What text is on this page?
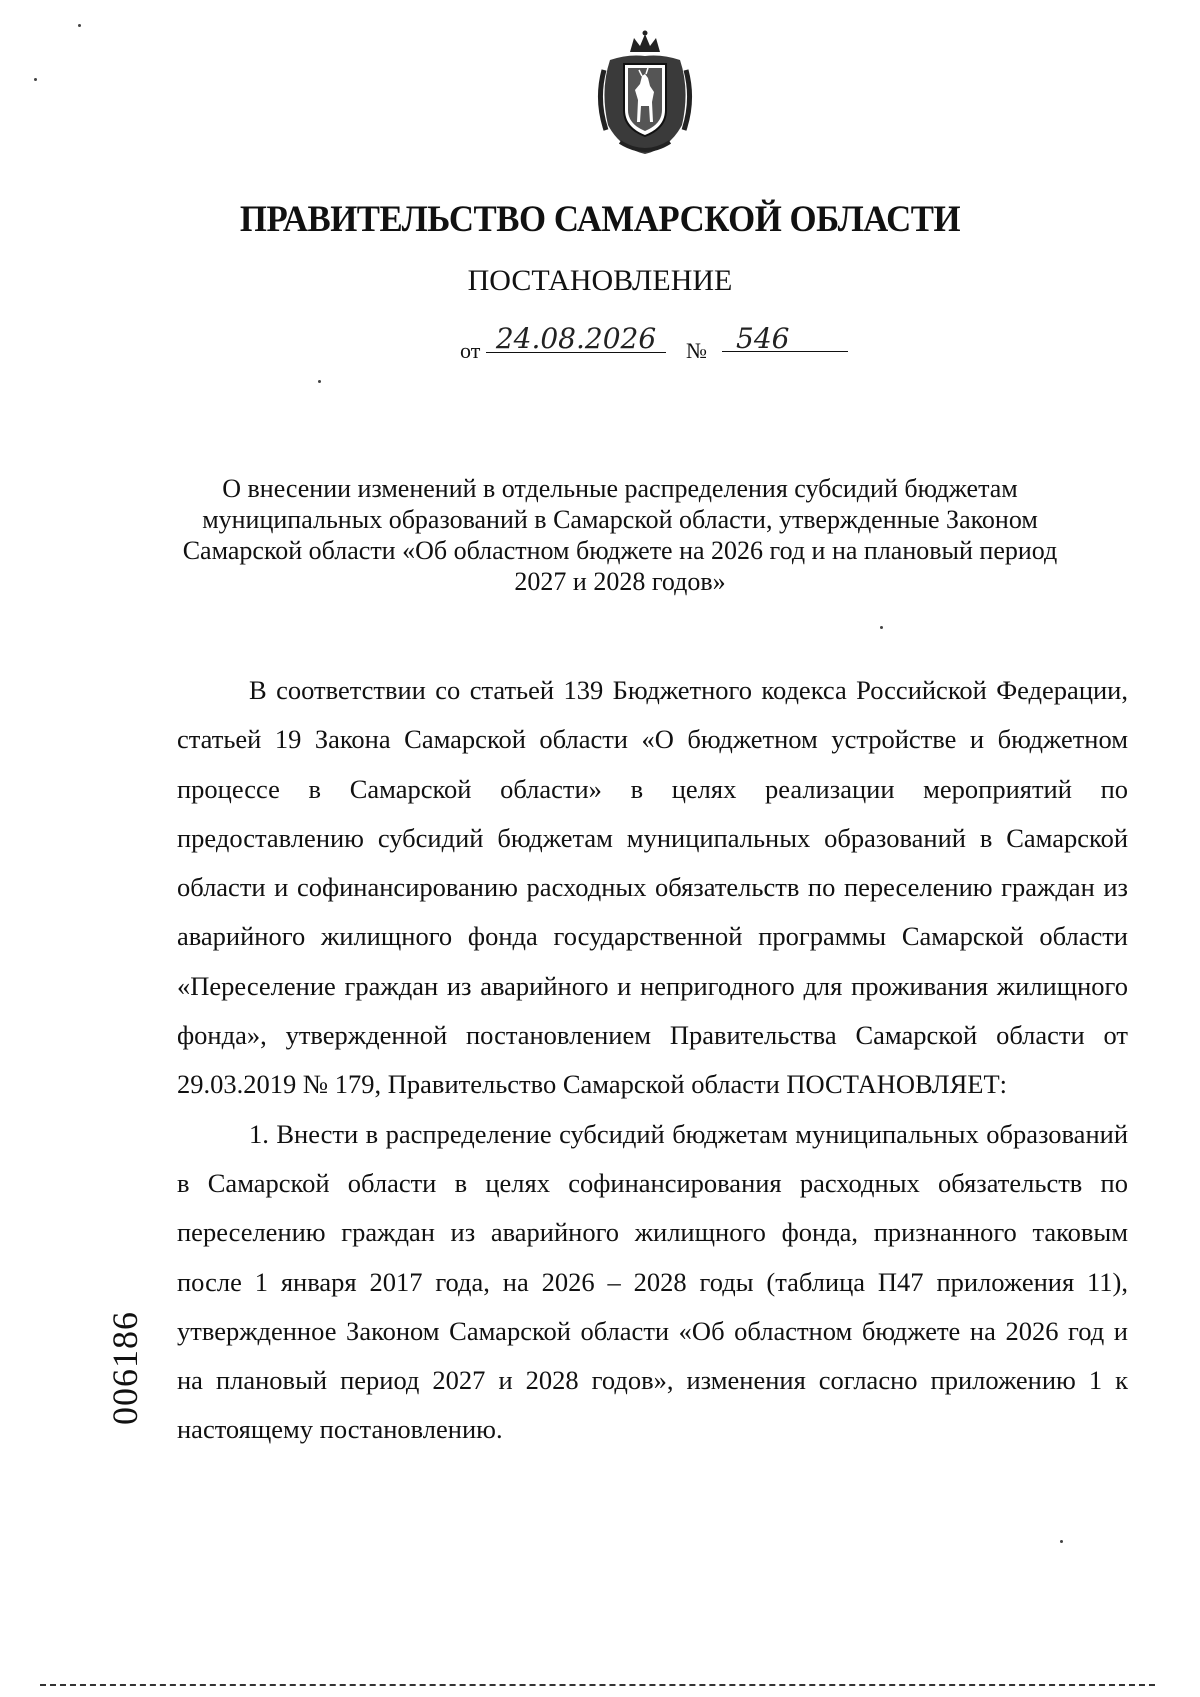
ПРАВИТЕЛЬСТВО САМАРСКОЙ ОБЛАСТИ
ПОСТАНОВЛЕНИЕ
от 24.08.2026	№	546
О внесении изменений в отдельные распределения субсидий бюджетам муниципальных образований в Самарской области, утвержденные Законом Самарской области «Об областном бюджете на 2026 год и на плановый период 2027 и 2028 годов»

В соответствии со статьей 139 Бюджетного кодекса Российской Федерации, статьей 19 Закона Самарской области «О бюджетном устройстве и бюджетном процессе в Самарской области» в целях реализации мероприятий по предоставлению субсидий бюджетам муниципальных образований в Самарской области и софинансированию расходных обязательств по переселению граждан из аварийного жилищного фонда государственной программы Самарской области «Переселение граждан из аварийного и непригодного для проживания жилищного фонда», утвержденной постановлением Правительства Самарской области от 29.03.2019 № 179, Правительство Самарской области ПОСТАНОВЛЯЕТ:

1. Внести в распределение субсидий бюджетам муниципальных образований в Самарской области в целях софинансирования расходных обязательств по переселению граждан из аварийного жилищного фонда, признанного таковым после 1 января 2017 года, на 2026 – 2028 годы (таблица П47 приложения 11), утвержденное Законом Самарской области «Об областном бюджете на 2026 год и на плановый период 2027 и 2028 годов», изменения согласно приложению 1 к настоящему постановлению.

006186
